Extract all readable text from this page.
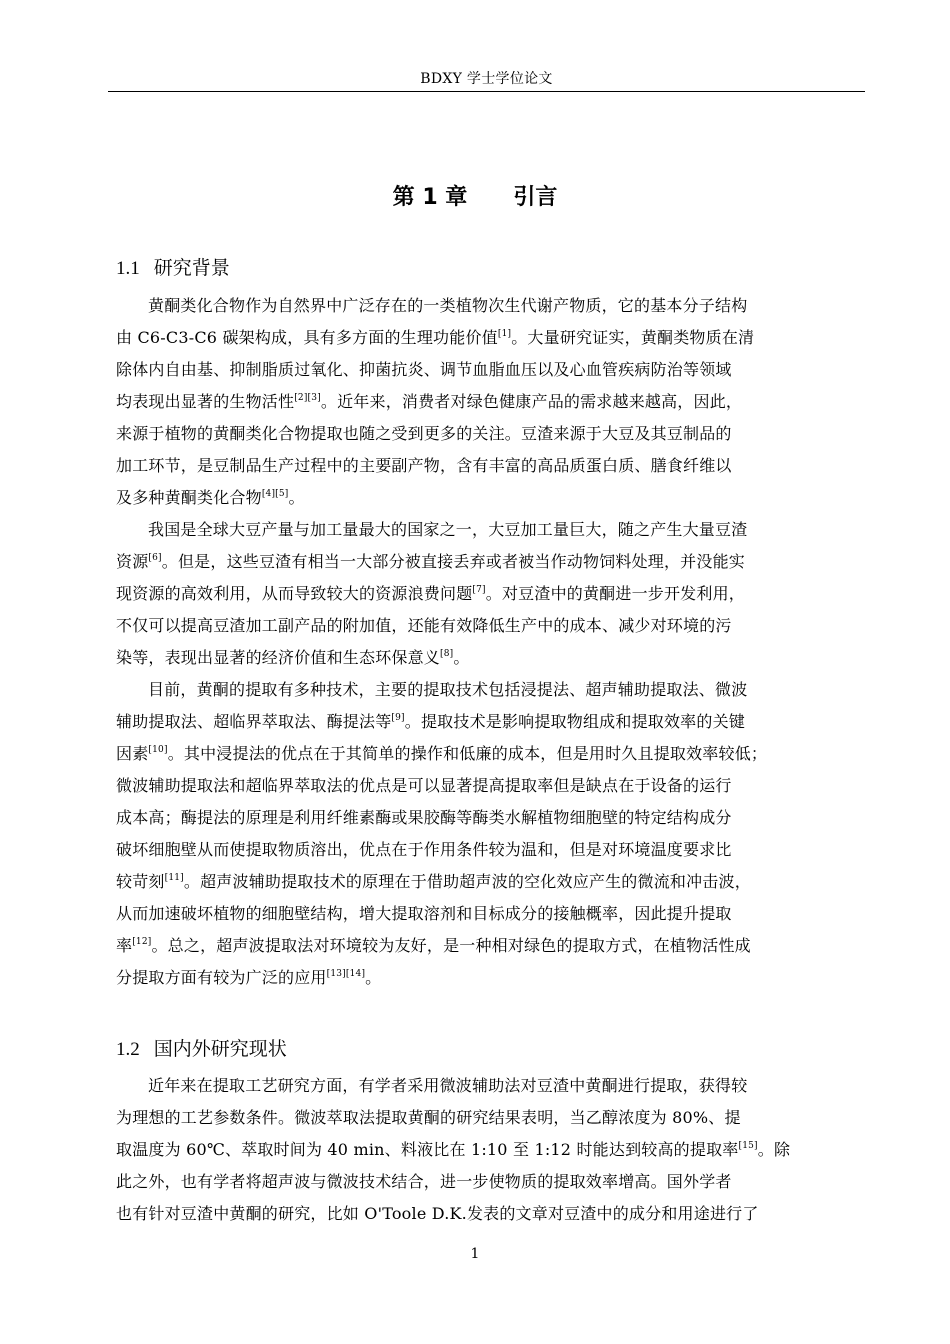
BDXY 学士学位论文
第 1 章 引言
1.1 研究背景
黄酮类化合物作为自然界中广泛存在的一类植物次生代谢产物质，它的基本分子结构
由 C6-C3-C6 碳架构成，具有多方面的生理功能价值[1]。大量研究证实，黄酮类物质在清
除体内自由基、抑制脂质过氧化、抑菌抗炎、调节血脂血压以及心血管疾病防治等领域
均表现出显著的生物活性[2][3]。近年来，消费者对绿色健康产品的需求越来越高，因此，
来源于植物的黄酮类化合物提取也随之受到更多的关注。豆渣来源于大豆及其豆制品的
加工环节，是豆制品生产过程中的主要副产物，含有丰富的高品质蛋白质、膳食纤维以
及多种黄酮类化合物[4][5]。
我国是全球大豆产量与加工量最大的国家之一，大豆加工量巨大，随之产生大量豆渣
资源[6]。但是，这些豆渣有相当一大部分被直接丢弃或者被当作动物饲料处理，并没能实
现资源的高效利用，从而导致较大的资源浪费问题[7]。对豆渣中的黄酮进一步开发利用，
不仅可以提高豆渣加工副产品的附加值，还能有效降低生产中的成本、减少对环境的污
染等，表现出显著的经济价值和生态环保意义[8]。
目前，黄酮的提取有多种技术，主要的提取技术包括浸提法、超声辅助提取法、微波
辅助提取法、超临界萃取法、酶提法等[9]。提取技术是影响提取物组成和提取效率的关键
因素[10]。其中浸提法的优点在于其简单的操作和低廉的成本，但是用时久且提取效率较低；
微波辅助提取法和超临界萃取法的优点是可以显著提高提取率但是缺点在于设备的运行
成本高；酶提法的原理是利用纤维素酶或果胶酶等酶类水解植物细胞壁的特定结构成分
破坏细胞壁从而使提取物质溶出，优点在于作用条件较为温和，但是对环境温度要求比
较苛刻[11]。超声波辅助提取技术的原理在于借助超声波的空化效应产生的微流和冲击波，
从而加速破坏植物的细胞壁结构，增大提取溶剂和目标成分的接触概率，因此提升提取
率[12]。总之，超声波提取法对环境较为友好，是一种相对绿色的提取方式，在植物活性成
分提取方面有较为广泛的应用[13][14]。
1.2 国内外研究现状
近年来在提取工艺研究方面，有学者采用微波辅助法对豆渣中黄酮进行提取，获得较
为理想的工艺参数条件。微波萃取法提取黄酮的研究结果表明，当乙醇浓度为 80%、提
取温度为 60℃、萃取时间为 40 min、料液比在 1:10 至 1:12 时能达到较高的提取率[15]。除
此之外，也有学者将超声波与微波技术结合，进一步使物质的提取效率增高。国外学者
也有针对豆渣中黄酮的研究，比如 O'Toole D.K.发表的文章对豆渣中的成分和用途进行了
1
